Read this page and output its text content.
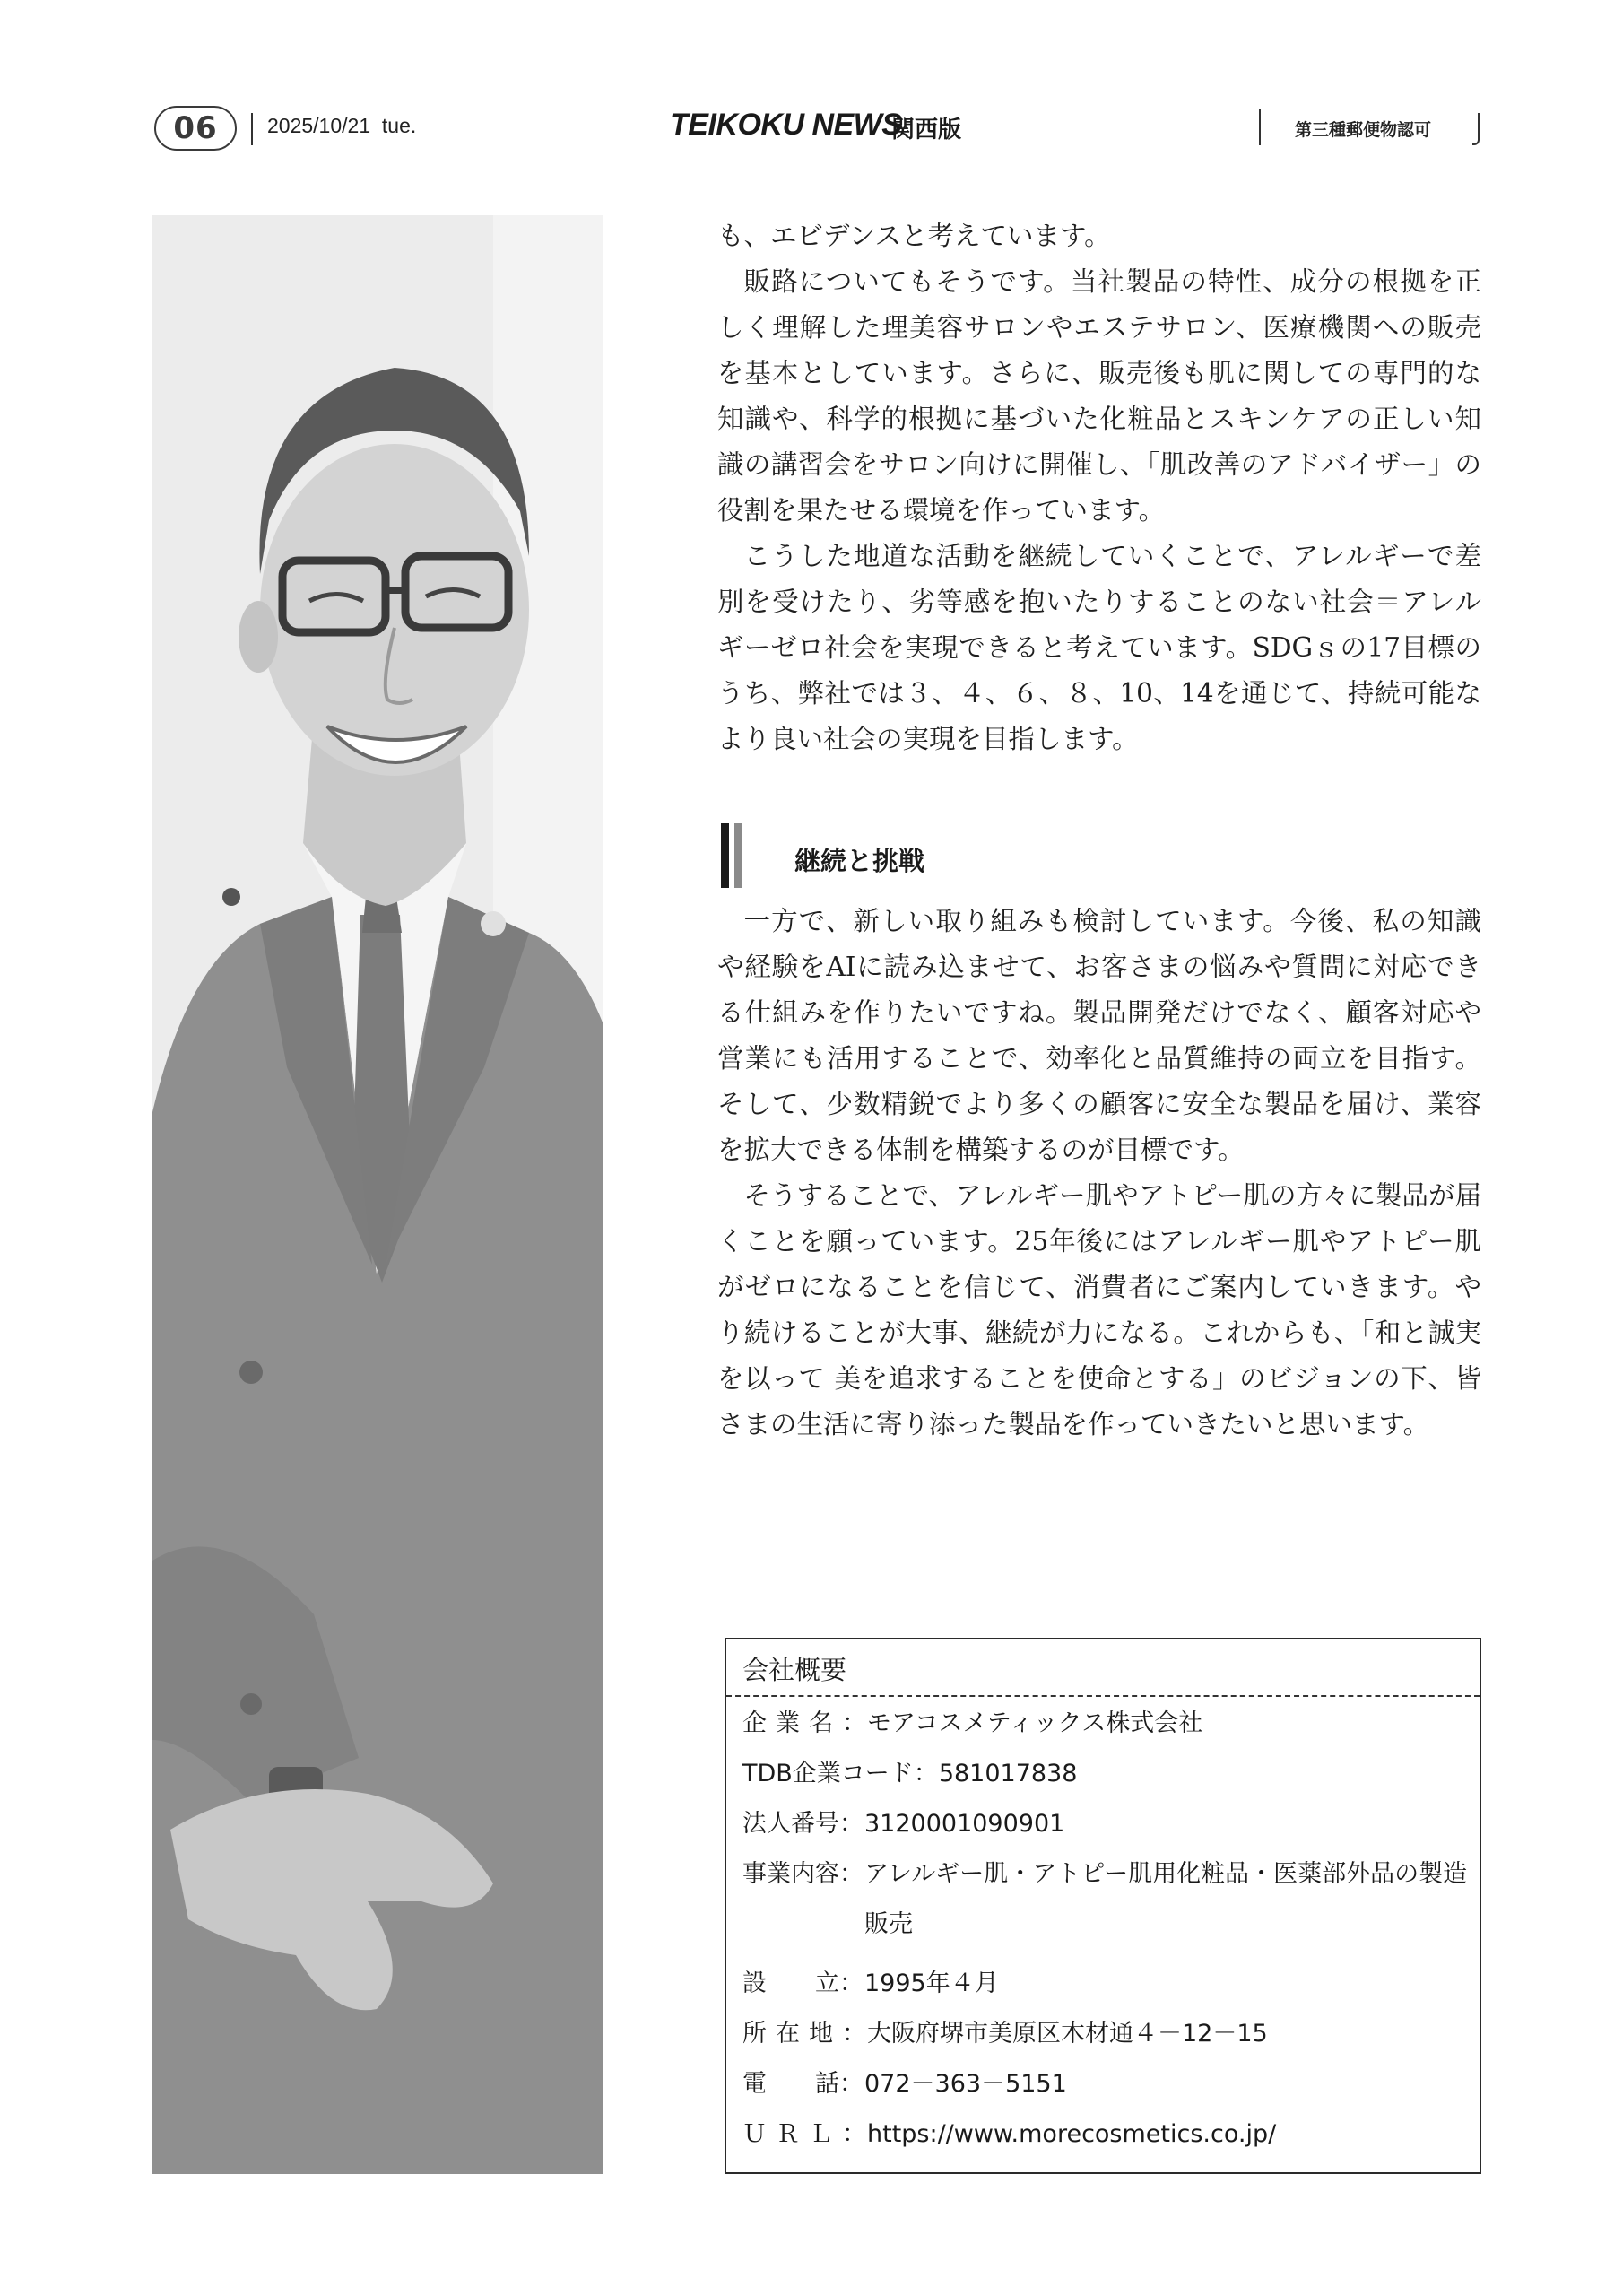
06	2025/10/21  tue.	TEIKOKU NEWS
関西版	第三種郵便物認可

も、エビデンスと考えています。

販路についてもそうです。当社製品の特性、成分の根拠を正しく理解した理美容サロンやエステサロン、医療機関への販売を基本としています。さらに、販売後も肌に関しての専門的な知識や、科学的根拠に基づいた化粧品とスキンケアの正しい知識の講習会をサロン向けに開催し、「肌改善のアドバイザー」の役割を果たせる環境を作っています。

こうした地道な活動を継続していくことで、アレルギーで差別を受けたり、劣等感を抱いたりすることのない社会＝アレルギーゼロ社会を実現できると考えています。SDGｓの17目標のうち、弊社では３、４、６、８、10、14を通じて、持続可能なより良い社会の実現を目指します。

継続と挑戦

一方で、新しい取り組みも検討しています。今後、私の知識や経験をAIに読み込ませて、お客さまの悩みや質問に対応できる仕組みを作りたいですね。製品開発だけでなく、顧客対応や営業にも活用することで、効率化と品質維持の両立を目指す。そして、少数精鋭でより多くの顧客に安全な製品を届け、業容を拡大できる体制を構築するのが目標です。

そうすることで、アレルギー肌やアトピー肌の方々に製品が届くことを願っています。25年後にはアレルギー肌やアトピー肌がゼロになることを信じて、消費者にご案内していきます。やり続けることが大事、継続が力になる。これからも、「和と誠実を以って 美を追求することを使命とする」のビジョンの下、皆さまの生活に寄り添った製品を作っていきたいと思います。

会社概要
企業名 ： モアコスメティックス株式会社
TDB企業コード ： 581017838
法人番号 ： 3120001090901
事業内容 ： アレルギー肌・アトピー肌用化粧品・医薬部外品の製造販売
設　　立 ： 1995年４月
所在地 ： 大阪府堺市美原区木材通４－12－15
電　　話 ： 072－363－5151
ＵＲＬ ： https://www.morecosmetics.co.jp/
